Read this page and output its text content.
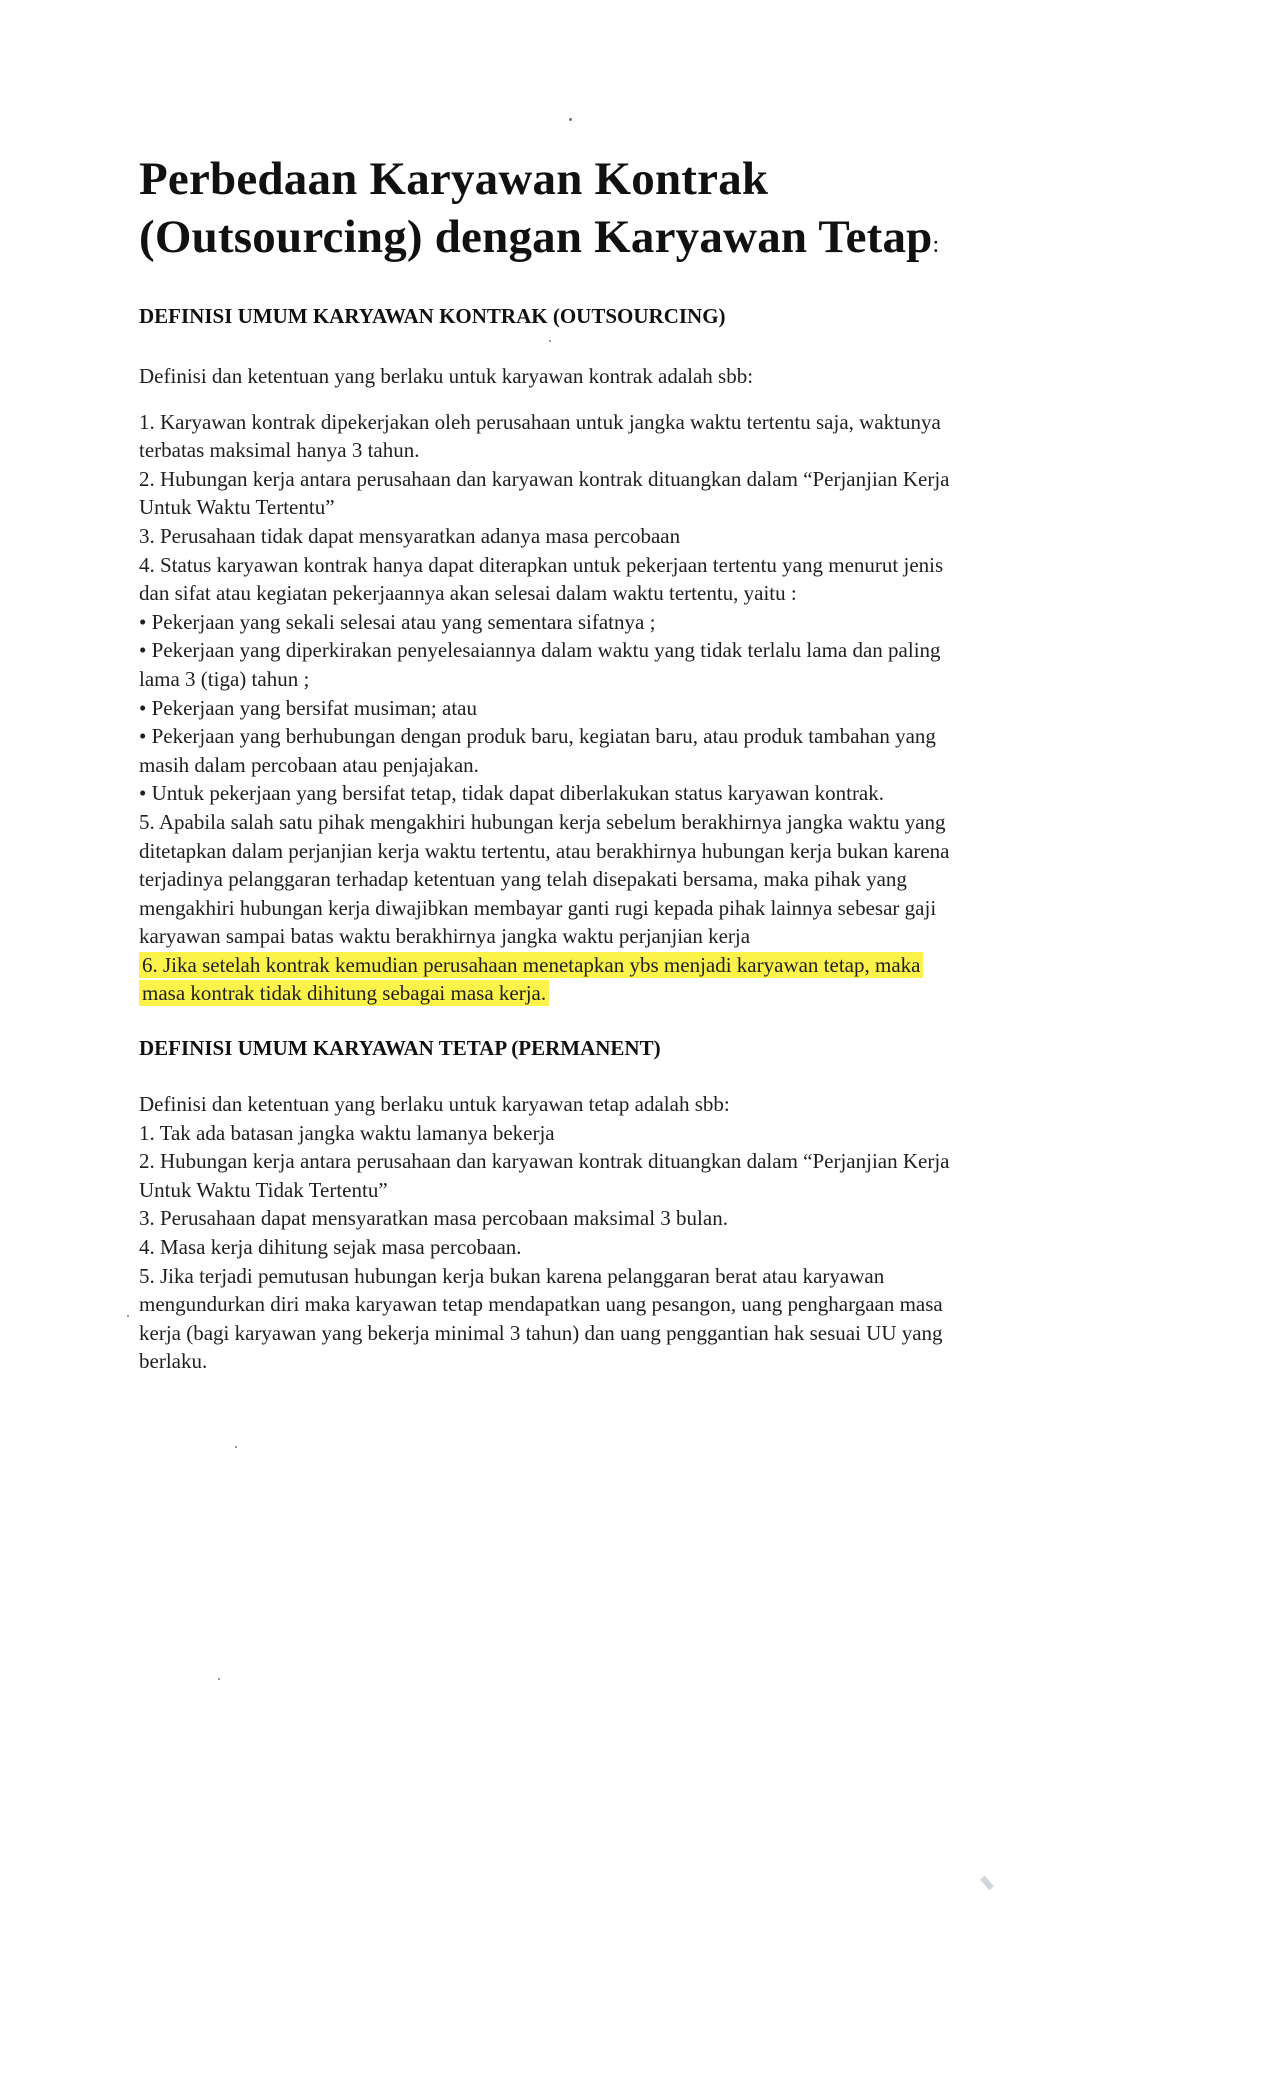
Perbedaan Karyawan Kontrak
(Outsourcing) dengan Karyawan Tetap:
DEFINISI UMUM KARYAWAN KONTRAK (OUTSOURCING)

Definisi dan ketentuan yang berlaku untuk karyawan kontrak adalah sbb:

1. Karyawan kontrak dipekerjakan oleh perusahaan untuk jangka waktu tertentu saja, waktunya
terbatas maksimal hanya 3 tahun.
2. Hubungan kerja antara perusahaan dan karyawan kontrak dituangkan dalam “Perjanjian Kerja
Untuk Waktu Tertentu”
3. Perusahaan tidak dapat mensyaratkan adanya masa percobaan
4. Status karyawan kontrak hanya dapat diterapkan untuk pekerjaan tertentu yang menurut jenis
dan sifat atau kegiatan pekerjaannya akan selesai dalam waktu tertentu, yaitu :
• Pekerjaan yang sekali selesai atau yang sementara sifatnya ;
• Pekerjaan yang diperkirakan penyelesaiannya dalam waktu yang tidak terlalu lama dan paling
lama 3 (tiga) tahun ;
• Pekerjaan yang bersifat musiman; atau
• Pekerjaan yang berhubungan dengan produk baru, kegiatan baru, atau produk tambahan yang
masih dalam percobaan atau penjajakan.
• Untuk pekerjaan yang bersifat tetap, tidak dapat diberlakukan status karyawan kontrak.
5. Apabila salah satu pihak mengakhiri hubungan kerja sebelum berakhirnya jangka waktu yang
ditetapkan dalam perjanjian kerja waktu tertentu, atau berakhirnya hubungan kerja bukan karena
terjadinya pelanggaran terhadap ketentuan yang telah disepakati bersama, maka pihak yang
mengakhiri hubungan kerja diwajibkan membayar ganti rugi kepada pihak lainnya sebesar gaji
karyawan sampai batas waktu berakhirnya jangka waktu perjanjian kerja
6. Jika setelah kontrak kemudian perusahaan menetapkan ybs menjadi karyawan tetap, maka
masa kontrak tidak dihitung sebagai masa kerja.
DEFINISI UMUM KARYAWAN TETAP (PERMANENT)

Definisi dan ketentuan yang berlaku untuk karyawan tetap adalah sbb:

1. Tak ada batasan jangka waktu lamanya bekerja
2. Hubungan kerja antara perusahaan dan karyawan kontrak dituangkan dalam “Perjanjian Kerja
Untuk Waktu Tidak Tertentu”
3. Perusahaan dapat mensyaratkan masa percobaan maksimal 3 bulan.
4. Masa kerja dihitung sejak masa percobaan.
5. Jika terjadi pemutusan hubungan kerja bukan karena pelanggaran berat atau karyawan
mengundurkan diri maka karyawan tetap mendapatkan uang pesangon, uang penghargaan masa
kerja (bagi karyawan yang bekerja minimal 3 tahun) dan uang penggantian hak sesuai UU yang
berlaku.
